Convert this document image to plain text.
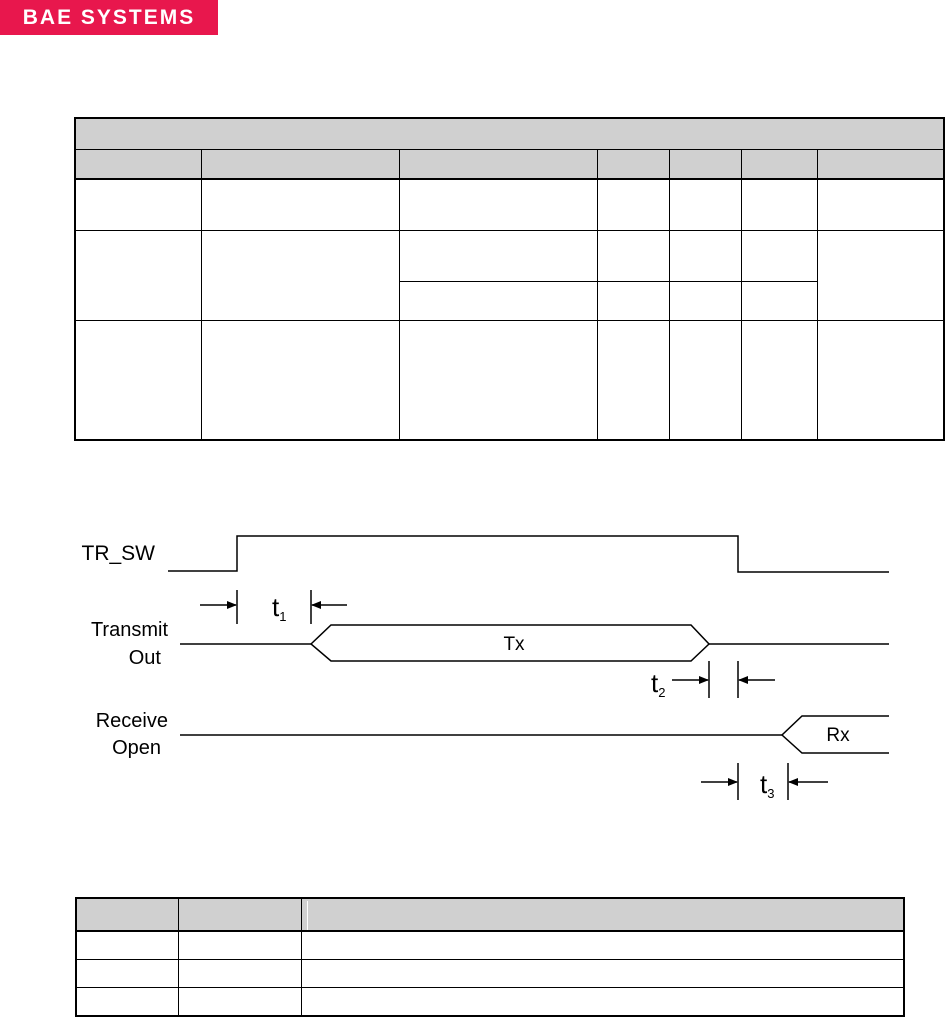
BAE SYSTEMS
TR_SW
t1
Transmit
Out
Tx
t2
Receive
Open
Rx
t3
